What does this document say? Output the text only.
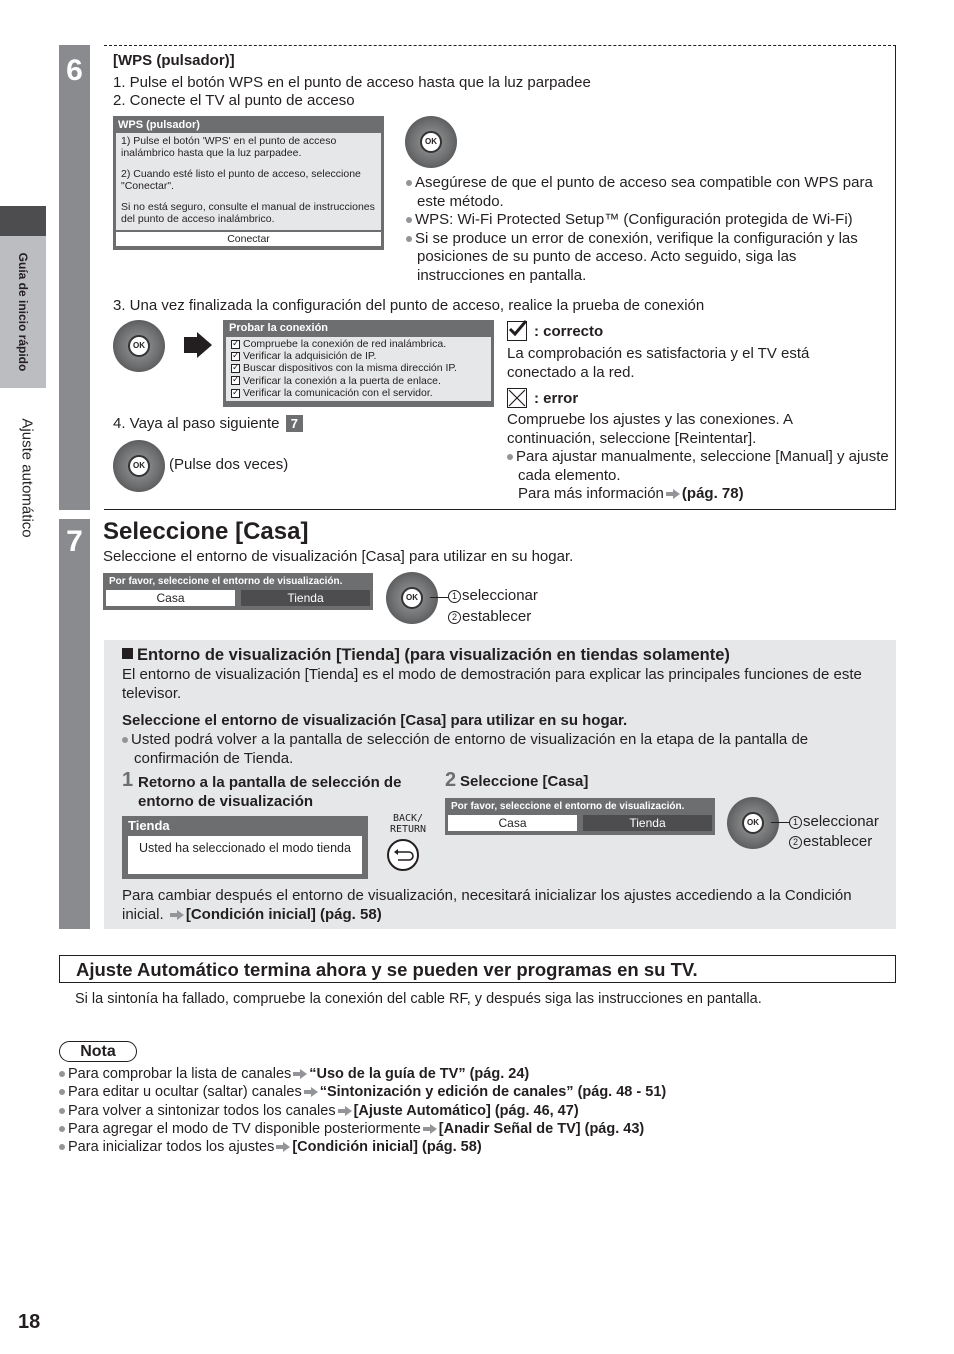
Guía de inicio rápido
Ajuste automático
6	[WPS (pulsador)]
1. Pulse el botón WPS en el punto de acceso hasta que la luz parpadee
2. Conecte el TV al punto de acceso
WPS (pulsador)
1) Pulse el botón 'WPS' en el punto de acceso inalámbrico hasta que la luz parpadee.
2) Cuando esté listo el punto de acceso, seleccione "Conectar".
Si no está seguro, consulte el manual de instrucciones del punto de acceso inalámbrico.
Conectar
OK
Asegúrese de que el punto de acceso sea compatible con WPS para este método.
WPS: Wi-Fi Protected Setup™ (Configuración protegida de Wi-Fi)
Si se produce un error de conexión, verifique la configuración y las posiciones de su punto de acceso. Acto seguido, siga las instrucciones en pantalla.
3. Una vez finalizada la configuración del punto de acceso, realice la prueba de conexión
OK
Probar la conexión
✓Compruebe la conexión de red inalámbrica.
✓Verificar la adquisición de IP.
✓Buscar dispositivos con la misma dirección IP.
✓Verificar la conexión a la puerta de enlace.
✓Verificar la comunicación con el servidor.
: correcto
La comprobación es satisfactoria y el TV está conectado a la red.
: error
Compruebe los ajustes y las conexiones. A continuación, seleccione [Reintentar].
Para ajustar manualmente, seleccione [Manual] y ajuste cada elemento.
Para más información (pág. 78)
4. Vaya al paso siguiente 7
OK	(Pulse dos veces)
7 Seleccione [Casa]
Seleccione el entorno de visualización [Casa] para utilizar en su hogar.
Por favor, seleccione el entorno de visualización.
Casa	Tienda	OK	1 seleccionar
2 establecer
Entorno de visualización [Tienda] (para visualización en tiendas solamente)
El entorno de visualización [Tienda] es el modo de demostración para explicar las principales funciones de este televisor.
Seleccione el entorno de visualización [Casa] para utilizar en su hogar.
Usted podrá volver a la pantalla de selección de entorno de visualización en la etapa de la pantalla de confirmación de Tienda.
1 Retorno a la pantalla de selección de entorno de visualización
Tienda
Usted ha seleccionado el modo tienda
BACK/ RETURN
2 Seleccione [Casa]
Por favor, seleccione el entorno de visualización.
Casa	Tienda	OK	1 seleccionar
2 establecer
Para cambiar después el entorno de visualización, necesitará inicializar los ajustes accediendo a la Condición inicial. [Condición inicial] (pág. 58)
Ajuste Automático termina ahora y se pueden ver programas en su TV.
Si la sintonía ha fallado, compruebe la conexión del cable RF, y después siga las instrucciones en pantalla.
Nota
Para comprobar la lista de canales “Uso de la guía de TV” (pág. 24)
Para editar u ocultar (saltar) canales “Sintonización y edición de canales” (pág. 48 - 51)
Para volver a sintonizar todos los canales [Ajuste Automático] (pág. 46, 47)
Para agregar el modo de TV disponible posteriormente [Anadir Señal de TV] (pág. 43)
Para inicializar todos los ajustes [Condición inicial] (pág. 58)
18
